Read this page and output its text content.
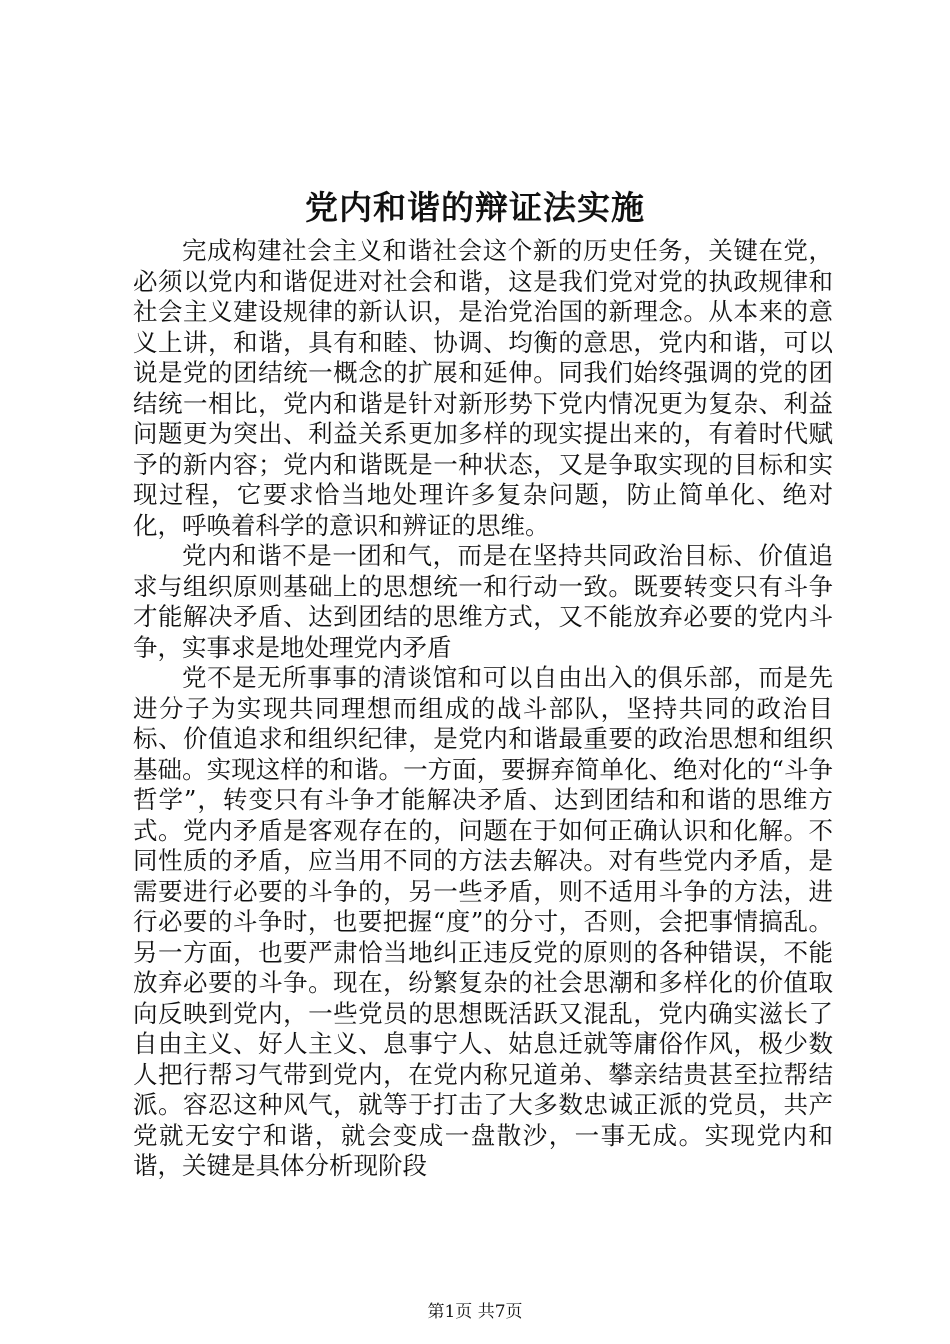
党内和谐的辩证法实施

完成构建社会主义和谐社会这个新的历史任务，关键在党，必须以党内和谐促进对社会和谐，这是我们党对党的执政规律和社会主义建设规律的新认识，是治党治国的新理念。从本来的意义上讲，和谐，具有和睦、协调、均衡的意思，党内和谐，可以说是党的团结统一概念的扩展和延伸。同我们始终强调的党的团结统一相比，党内和谐是针对新形势下党内情况更为复杂、利益问题更为突出、利益关系更加多样的现实提出来的，有着时代赋予的新内容；党内和谐既是一种状态，又是争取实现的目标和实现过程，它要求恰当地处理许多复杂问题，防止简单化、绝对化，呼唤着科学的意识和辨证的思维。

党内和谐不是一团和气，而是在坚持共同政治目标、价值追求与组织原则基础上的思想统一和行动一致。既要转变只有斗争才能解决矛盾、达到团结的思维方式，又不能放弃必要的党内斗争，实事求是地处理党内矛盾

党不是无所事事的清谈馆和可以自由出入的俱乐部，而是先进分子为实现共同理想而组成的战斗部队，坚持共同的政治目标、价值追求和组织纪律，是党内和谐最重要的政治思想和组织基础。实现这样的和谐。一方面，要摒弃简单化、绝对化的“斗争哲学”，转变只有斗争才能解决矛盾、达到团结和和谐的思维方式。党内矛盾是客观存在的，问题在于如何正确认识和化解。不同性质的矛盾，应当用不同的方法去解决。对有些党内矛盾，是需要进行必要的斗争的，另一些矛盾，则不适用斗争的方法，进行必要的斗争时，也要把握“度”的分寸，否则，会把事情搞乱。另一方面，也要严肃恰当地纠正违反党的原则的各种错误，不能放弃必要的斗争。现在，纷繁复杂的社会思潮和多样化的价值取向反映到党内，一些党员的思想既活跃又混乱，党内确实滋长了自由主义、好人主义、息事宁人、姑息迁就等庸俗作风，极少数人把行帮习气带到党内，在党内称兄道弟、攀亲结贵甚至拉帮结派。容忍这种风气，就等于打击了大多数忠诚正派的党员，共产党就无安宁和谐，就会变成一盘散沙，一事无成。实现党内和谐，关键是具体分析现阶段

第1页 共7页
